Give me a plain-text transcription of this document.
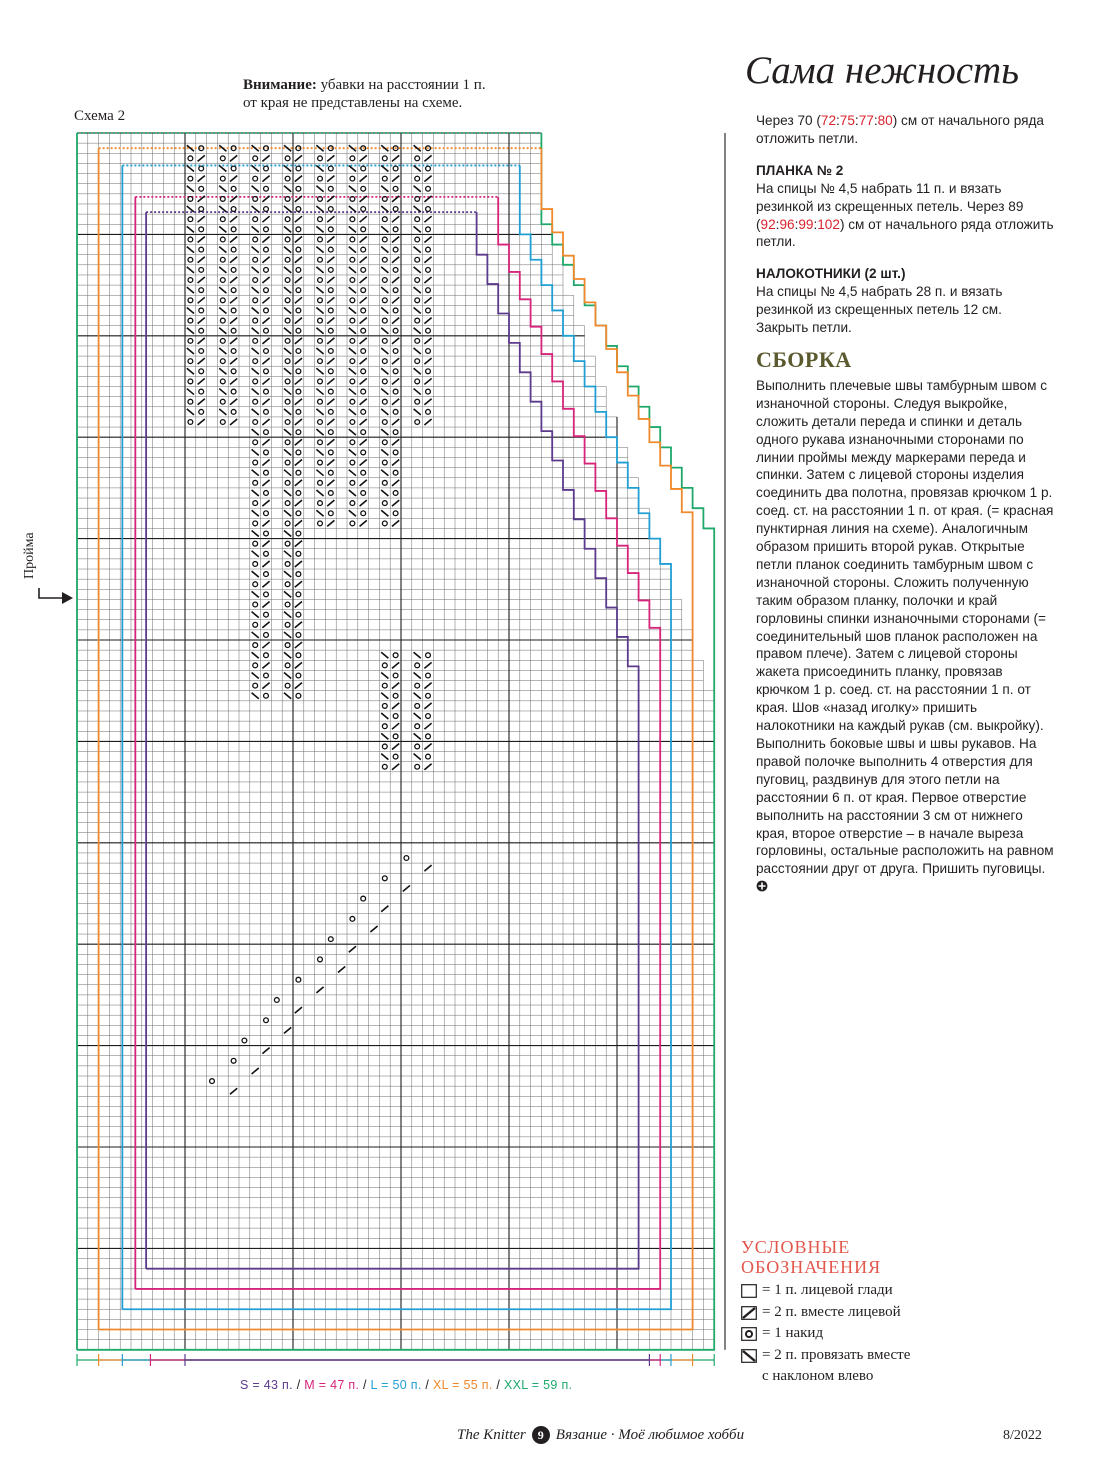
Внимание: убавки на расстоянии 1 п.
от края не представлены на схеме.
Схема 2
Пройма
Сама нежность

Через 70 (72:75:77:80) см от начального ряда отложить петли.

ПЛАНКА № 2

На спицы № 4,5 набрать 11 п. и вязать резинкой из скрещенных петель. Через 89 (92:96:99:102) см от начального ряда отложить петли.

НАЛОКОТНИКИ (2 шт.)

На спицы № 4,5 набрать 28 п. и вязать резинкой из скрещенных петель 12 см. Закрыть петли.

СБОРКА

Выполнить плечевые швы тамбурным швом с изнаночной стороны. Следуя выкройке, сложить детали переда и спинки и деталь одного рукава изнаночными сторонами по линии проймы между маркерами переда и спинки. Затем с лицевой стороны изделия соединить два полотна, провязав крючком 1 р. соед. ст. на расстоянии 1 п. от края. (= красная пунктирная линия на схеме). Аналогичным образом пришить второй рукав. Открытые петли планок соединить тамбурным швом с изнаночной стороны. Сложить полученную таким образом планку, полочки и край горловины спинки изнаночными сторонами (= соединительный шов планок расположен на правом плече). Затем с лицевой стороны жакета присоединить планку, провязав крючком 1 р. соед. ст. на расстоянии 1 п. от края. Шов «назад иголку» пришить налокотники на каждый рукав (см. выкройку). Выполнить боковые швы и швы рукавов. На правой полочке выполнить 4 отверстия для пуговиц, раздвинув для этого петли на расстоянии 6 п. от края. Первое отверстие выполнить на расстоянии 3 см от нижнего края, второе отверстие – в начале выреза горловины, остальные расположить на равном расстоянии друг от друга. Пришить пуговицы.

УСЛОВНЫЕ
ОБОЗНАЧЕНИЯ
= 1 п. лицевой глади
= 2 п. вместе лицевой
= 1 накид
= 2 п. провязать вместе
с наклоном влево
S = 43 п. / M = 47 п. / L = 50 п. / XL = 55 п. / XXL = 59 п.
The Knitter	9 Вязание · Моё любимое хобби	8/2022
